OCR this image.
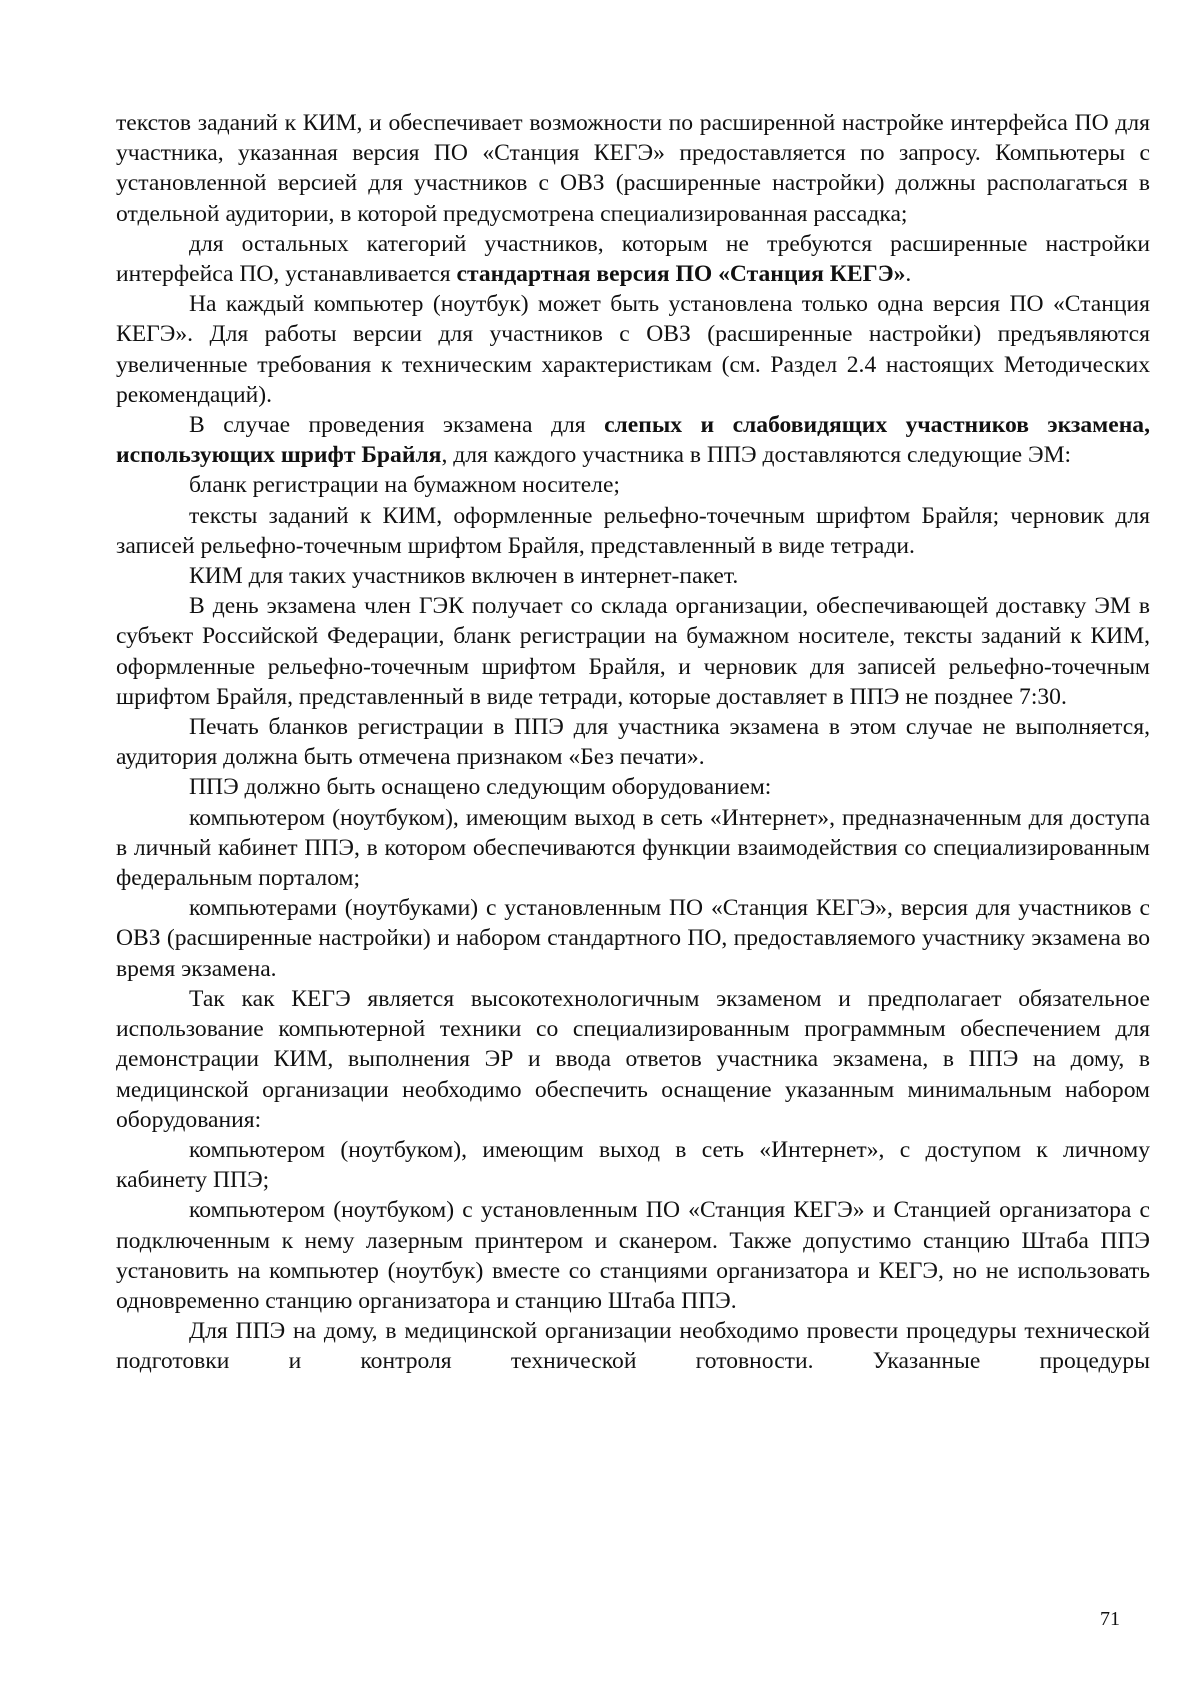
текстов заданий к КИМ, и обеспечивает возможности по расширенной настройке интерфейса ПО для участника, указанная версия ПО «Станция КЕГЭ» предоставляется по запросу. Компьютеры с установленной версией для участников с ОВЗ (расширенные настройки) должны располагаться в отдельной аудитории, в которой предусмотрена специализированная рассадка;

для остальных категорий участников, которым не требуются расширенные настройки интерфейса ПО, устанавливается стандартная версия ПО «Станция КЕГЭ».

На каждый компьютер (ноутбук) может быть установлена только одна версия ПО «Станция КЕГЭ». Для работы версии для участников с ОВЗ (расширенные настройки) предъявляются увеличенные требования к техническим характеристикам (см. Раздел 2.4 настоящих Методических рекомендаций).

В случае проведения экзамена для слепых и слабовидящих участников экзамена, использующих шрифт Брайля, для каждого участника в ППЭ доставляются следующие ЭМ:

бланк регистрации на бумажном носителе;

тексты заданий к КИМ, оформленные рельефно-точечным шрифтом Брайля; черновик для записей рельефно-точечным шрифтом Брайля, представленный в виде тетради.

КИМ для таких участников включен в интернет-пакет.

В день экзамена член ГЭК получает со склада организации, обеспечивающей доставку ЭМ в субъект Российской Федерации, бланк регистрации на бумажном носителе, тексты заданий к КИМ, оформленные рельефно-точечным шрифтом Брайля, и черновик для записей рельефно-точечным шрифтом Брайля, представленный в виде тетради, которые доставляет в ППЭ не позднее 7:30.

Печать бланков регистрации в ППЭ для участника экзамена в этом случае не выполняется, аудитория должна быть отмечена признаком «Без печати».

ППЭ должно быть оснащено следующим оборудованием:

компьютером (ноутбуком), имеющим выход в сеть «Интернет», предназначенным для доступа в личный кабинет ППЭ, в котором обеспечиваются функции взаимодействия со специализированным федеральным порталом;

компьютерами (ноутбуками) с установленным ПО «Станция КЕГЭ», версия для участников с ОВЗ (расширенные настройки) и набором стандартного ПО, предоставляемого участнику экзамена во время экзамена.

Так как КЕГЭ является высокотехнологичным экзаменом и предполагает обязательное использование компьютерной техники со специализированным программным обеспечением для демонстрации КИМ, выполнения ЭР и ввода ответов участника экзамена, в ППЭ на дому, в медицинской организации необходимо обеспечить оснащение указанным минимальным набором оборудования:

компьютером (ноутбуком), имеющим выход в сеть «Интернет», с доступом к личному кабинету ППЭ;

компьютером (ноутбуком) с установленным ПО «Станция КЕГЭ» и Станцией организатора с подключенным к нему лазерным принтером и сканером. Также допустимо станцию Штаба ППЭ установить на компьютер (ноутбук) вместе со станциями организатора и КЕГЭ, но не использовать одновременно станцию организатора и станцию Штаба ППЭ.

Для ППЭ на дому, в медицинской организации необходимо провести процедуры технической подготовки и контроля технической готовности. Указанные процедуры

71
